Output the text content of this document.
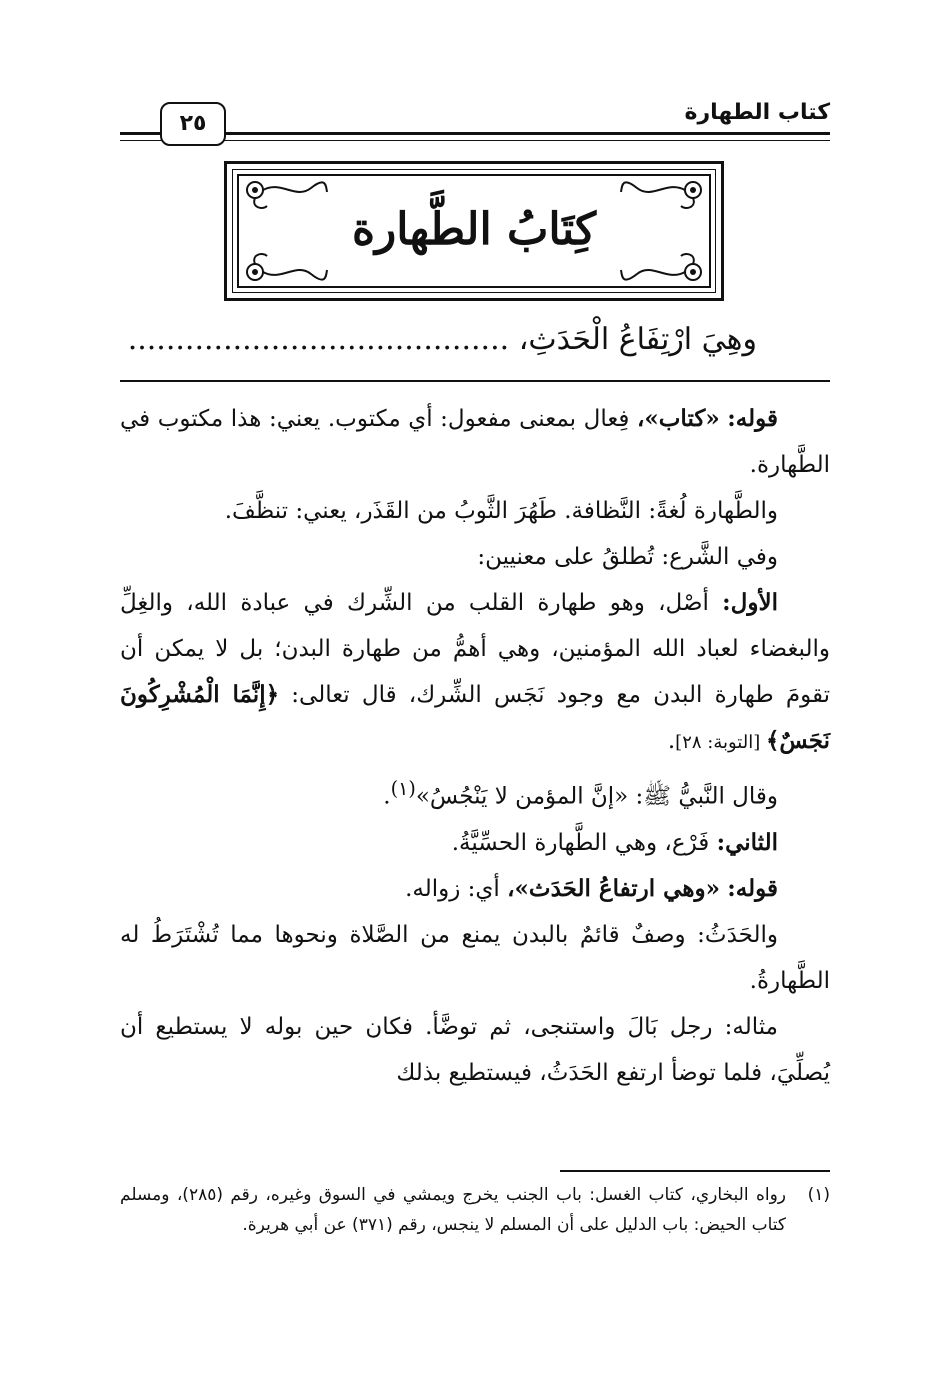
كتاب الطهارة
٢٥
كِتَابُ الطَّهارة
وهِيَ ارْتِفَاعُ الْحَدَثِ، ........................................

قوله: «كتاب»، فِعال بمعنى مفعول: أي مكتوب. يعني: هذا مكتوب في الطَّهارة.

والطَّهارة لُغةً: النَّظافة. طَهُرَ الثَّوبُ من القَذَر، يعني: تنظَّفَ.

وفي الشَّرع: تُطلقُ على معنيين:

الأول: أصْل، وهو طهارة القلب من الشِّرك في عبادة الله، والغِلِّ والبغضاء لعباد الله المؤمنين، وهي أهمُّ من طهارة البدن؛ بل لا يمكن أن تقومَ طهارة البدن مع وجود نَجَس الشِّرك، قال تعالى: ﴿إِنَّمَا الْمُشْرِكُونَ نَجَسٌ﴾ [التوبة: ٢٨].

وقال النَّبيُّ ﷺ: «إنَّ المؤمن لا يَنْجُسُ»$^{(١)}$.

الثاني: فَرْع، وهي الطَّهارة الحسِّيَّةُ.

قوله: «وهي ارتفاعُ الحَدَث»، أي: زواله.

والحَدَثُ: وصفٌ قائمٌ بالبدن يمنع من الصَّلاة ونحوها مما تُشْتَرَطُ له الطَّهارةُ.

مثاله: رجل بَالَ واستنجى، ثم توضَّأ. فكان حين بوله لا يستطيع أن يُصلِّيَ، فلما توضأ ارتفع الحَدَثُ، فيستطيع بذلك

(١)
رواه البخاري، كتاب الغسل: باب الجنب يخرج ويمشي في السوق وغيره، رقم (٢٨٥)، ومسلم كتاب الحيض: باب الدليل على أن المسلم لا ينجس، رقم (٣٧١) عن أبي هريرة.
